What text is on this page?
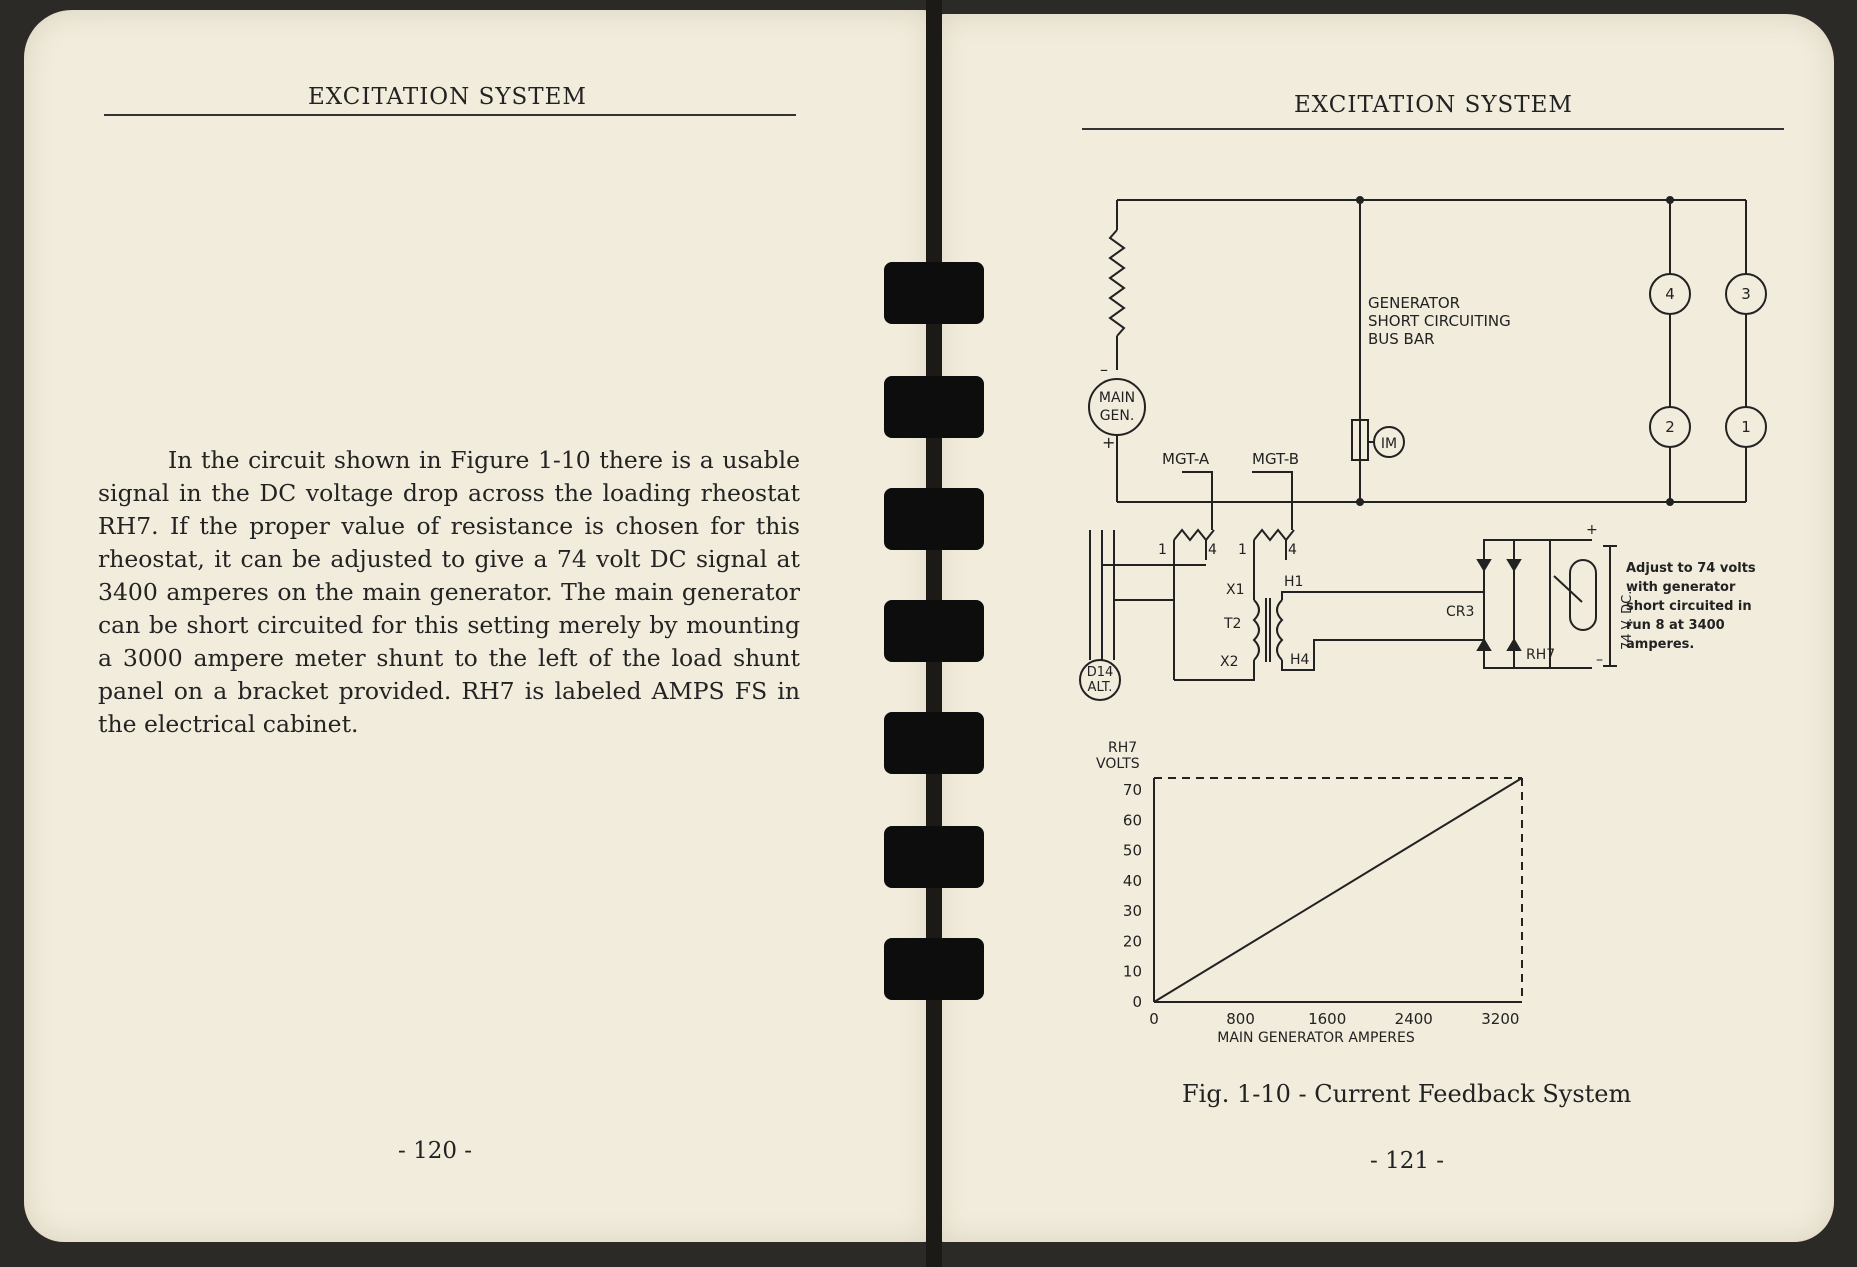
EXCITATION SYSTEM

In the circuit shown in Figure 1-10 there is a usable signal in the DC voltage drop across the loading rheostat RH7. If the proper value of resistance is chosen for this rheostat, it can be adjusted to give a 74 volt DC signal at 3400 amperes on the main generator. The main generator can be short circuited for this setting merely by mounting a 3000 ampere meter shunt to the left of the load shunt panel on a bracket provided. RH7 is labeled AMPS FS in the electrical cabinet.

- 120 -
EXCITATION SYSTEM
MAIN
GEN.
–
+
GENERATOR
SHORT CIRCUITING
BUS BAR
IM
4	3
2	1
MGT-A	MGT-B
1	4 1	4
D14
ALT.
X1
T2
X2
H1
H4
CR3
RH7
+
–
74 V. DC.
Adjust to 74 volts
with generator
short circuited in
run 8 at 3400
amperes.
RH7 VOLTS
MAIN GENERATOR AMPERES
0
10
20
30
40
50
60
70
0	800	1600	2400	3200
Fig. 1-10 - Current Feedback System
- 121 -
